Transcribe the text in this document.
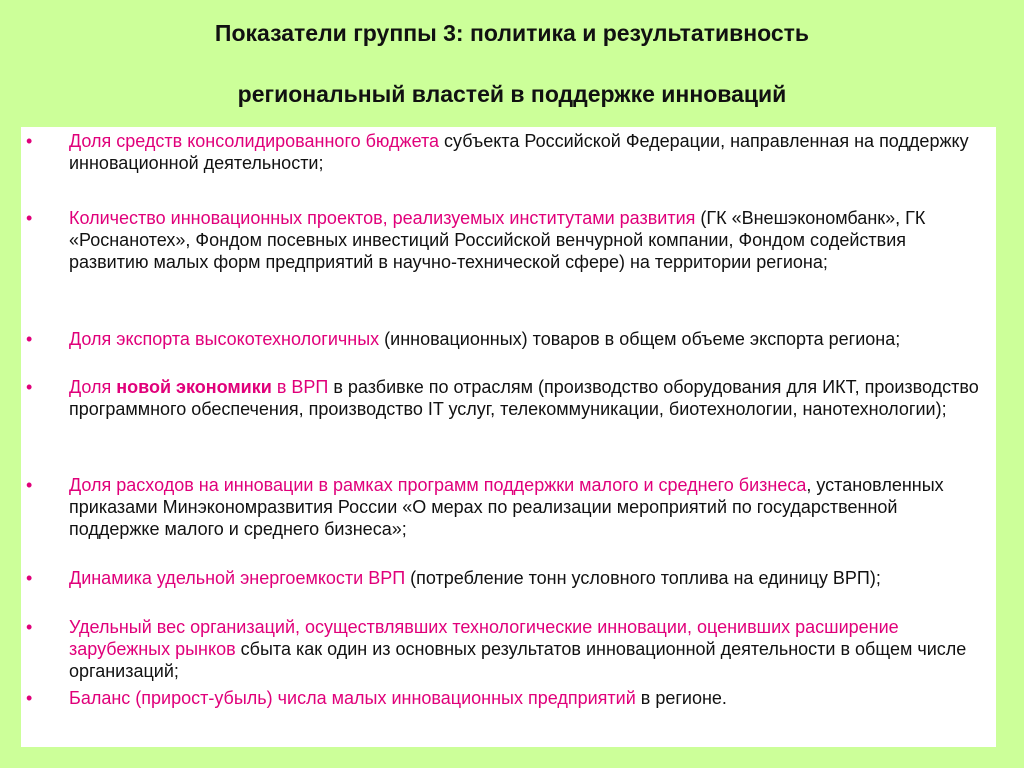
Показатели группы 3: политика и результативность
региональный властей в поддержке инноваций
• Доля средств консолидированного бюджета субъекта Российской Федерации, направленная на поддержку инновационной деятельности;
• Количество инновационных проектов, реализуемых институтами развития (ГК «Внешэкономбанк», ГК «Роснанотех», Фондом посевных инвестиций Российской венчурной компании, Фондом содействия развитию малых форм предприятий в научно-технической сфере) на территории региона;
• Доля экспорта высокотехнологичных (инновационных) товаров в общем объеме экспорта региона;
• Доля новой экономики в ВРП в разбивке по отраслям (производство оборудования для ИКТ, производство программного обеспечения, производство IT услуг, телекоммуникации, биотехнологии, нанотехнологии);
• Доля расходов на инновации в рамках программ поддержки малого и среднего бизнеса, установленных приказами Минэкономразвития России «О мерах по реализации мероприятий по государственной поддержке малого и среднего бизнеса»;
• Динамика удельной энергоемкости ВРП (потребление тонн условного топлива на единицу ВРП);
• Удельный вес организаций, осуществлявших технологические инновации, оценивших расширение зарубежных рынков сбыта как один из основных результатов инновационной деятельности в общем числе организаций;
• Баланс (прирост-убыль) числа малых инновационных предприятий в регионе.
